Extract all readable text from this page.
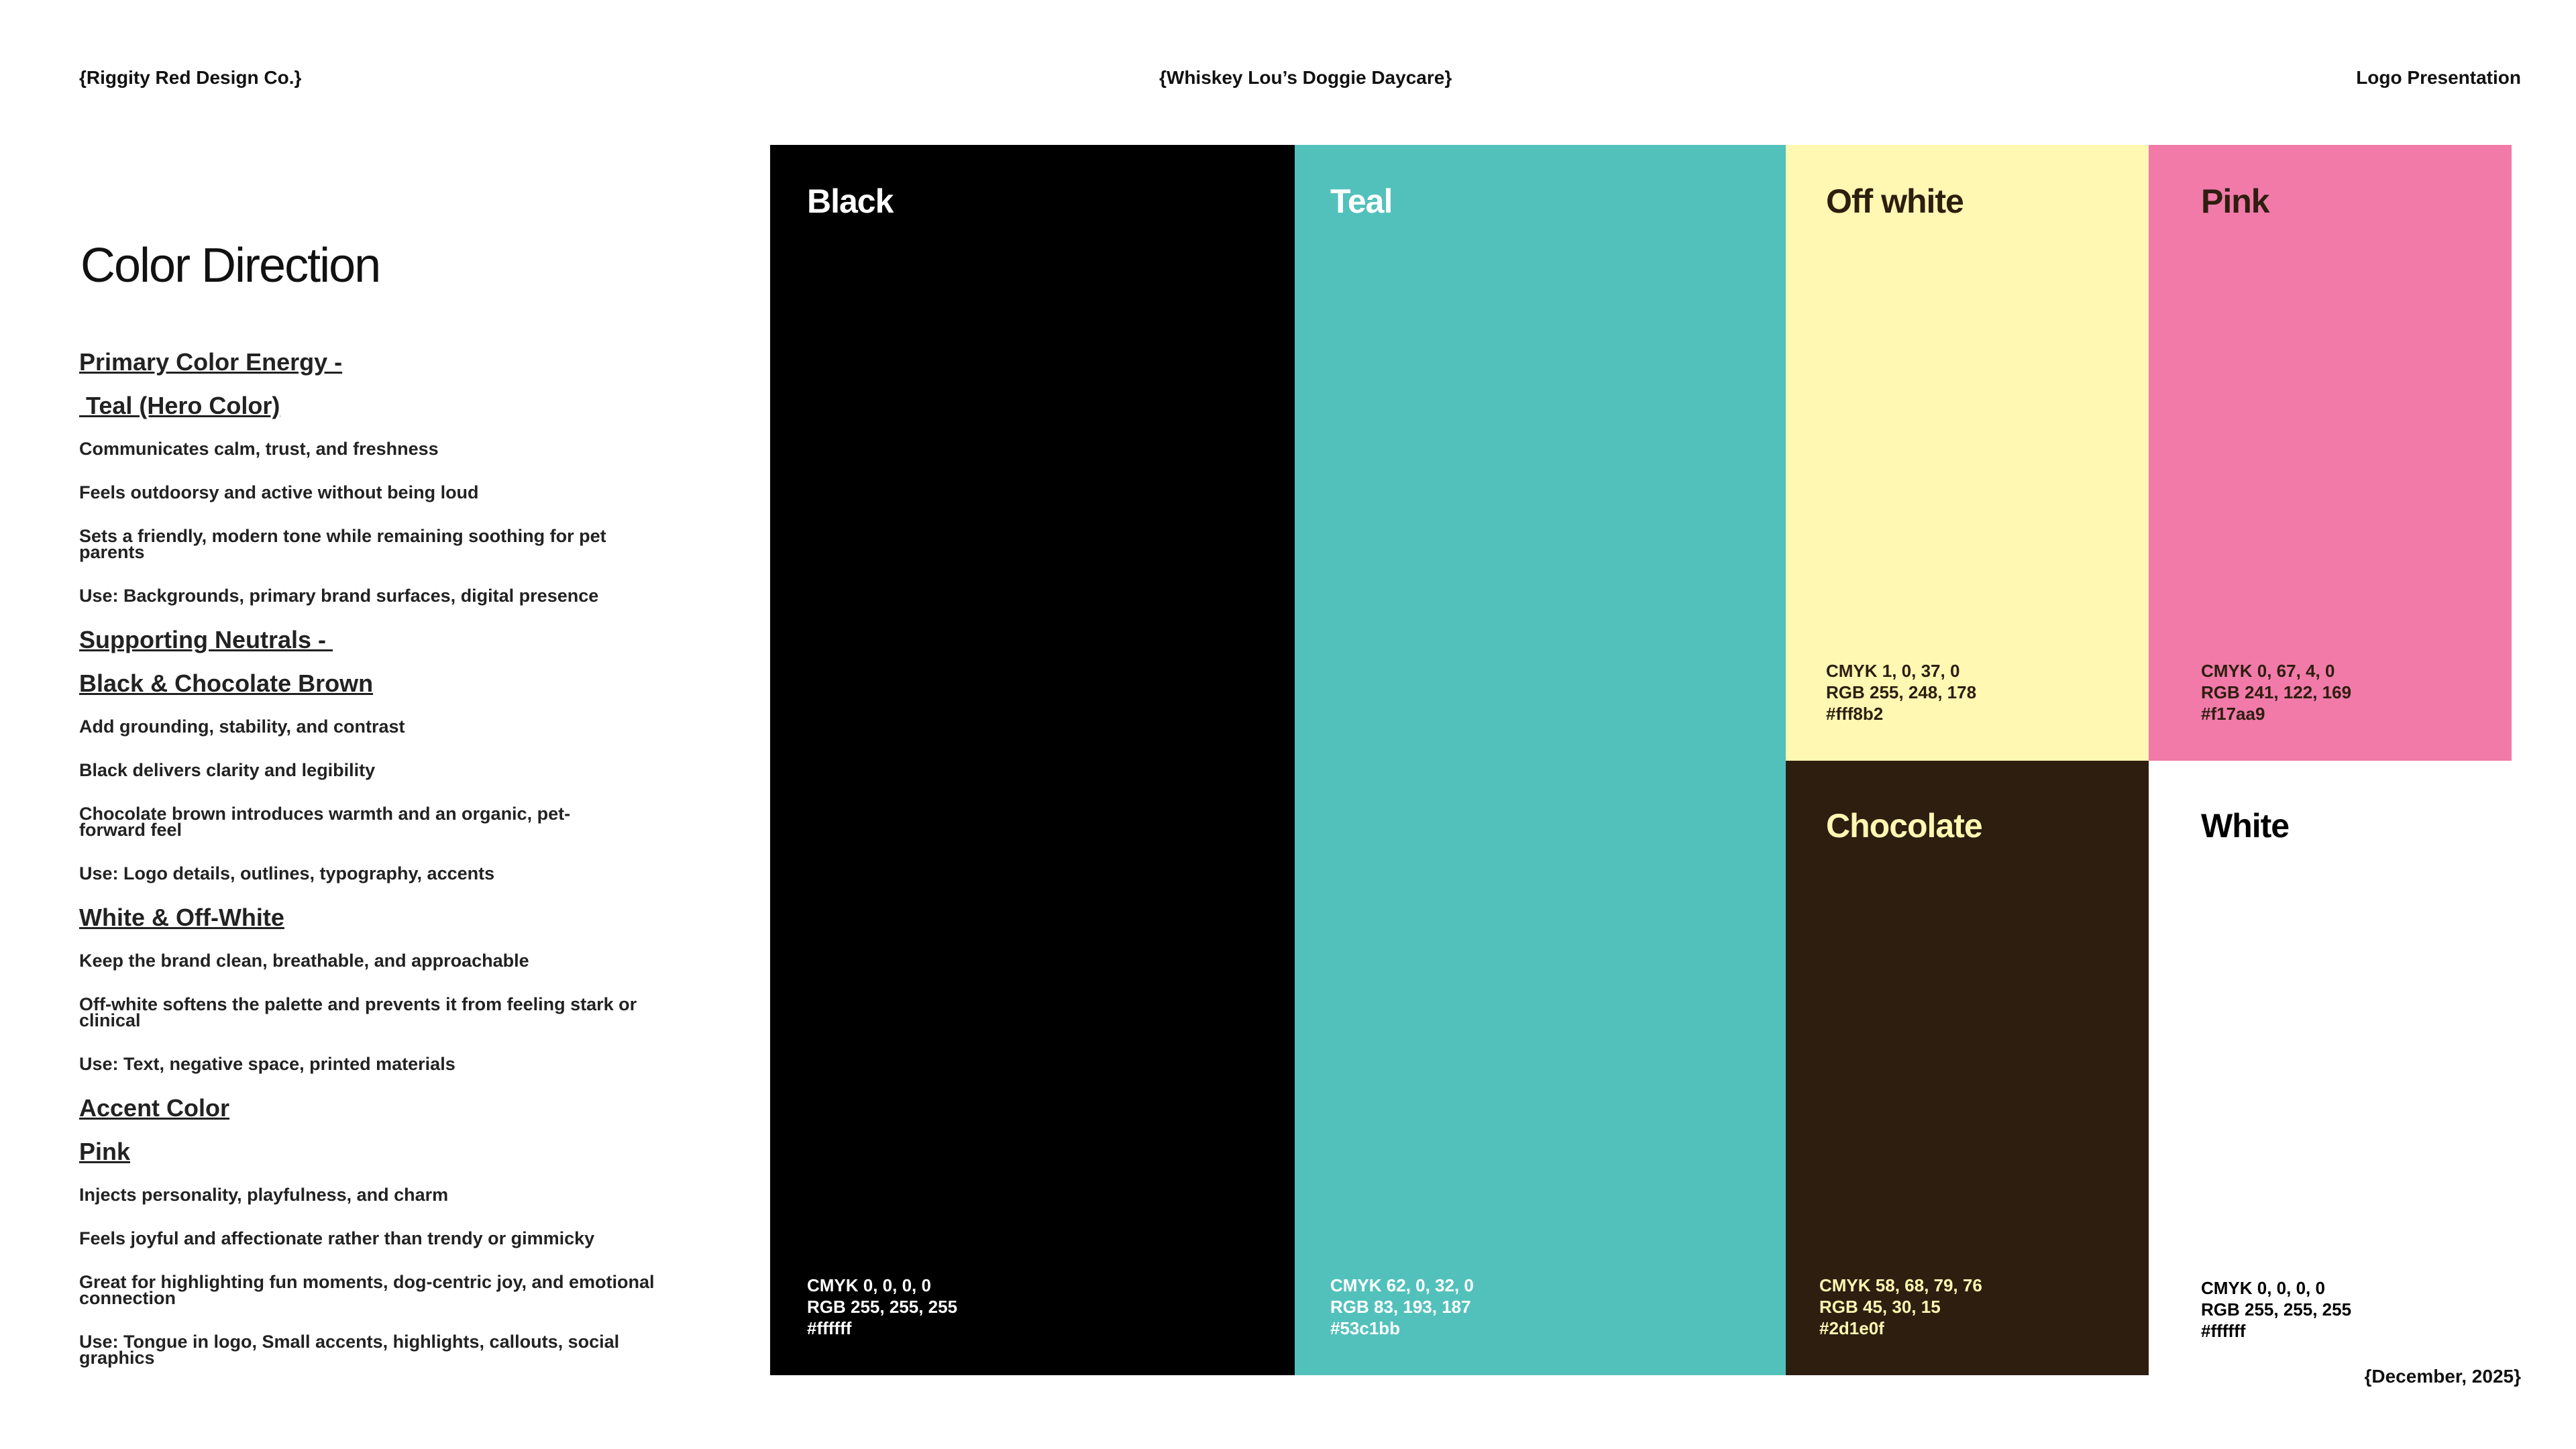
{Riggity Red Design Co.}	{Whiskey Lou’s Doggie Daycare}	Logo Presentation
Color Direction
Primary Color Energy -
Teal (Hero Color)
Communicates calm, trust, and freshness
Feels outdoorsy and active without being loud
Sets a friendly, modern tone while remaining soothing for pet parents
Use: Backgrounds, primary brand surfaces, digital presence
Supporting Neutrals -
Black & Chocolate Brown
Add grounding, stability, and contrast
Black delivers clarity and legibility
Chocolate brown introduces warmth and an organic, pet-forward feel
Use: Logo details, outlines, typography, accents
White & Off-White
Keep the brand clean, breathable, and approachable
Off-white softens the palette and prevents it from feeling stark or clinical
Use: Text, negative space, printed materials
Accent Color
Pink
Injects personality, playfulness, and charm
Feels joyful and affectionate rather than trendy or gimmicky
Great for highlighting fun moments, dog-centric joy, and emotional connection
Use: Tongue in logo, Small accents, highlights, callouts, social graphics
Black
CMYK 0, 0, 0, 0
RGB 255, 255, 255
#ffffff
Teal
CMYK 62, 0, 32, 0
RGB 83, 193, 187
#53c1bb
Off white
CMYK 1, 0, 37, 0
RGB 255, 248, 178
#fff8b2
Pink
CMYK 0, 67, 4, 0
RGB 241, 122, 169
#f17aa9
Chocolate
CMYK 58, 68, 79, 76
RGB 45, 30, 15
#2d1e0f
White
CMYK 0, 0, 0, 0
RGB 255, 255, 255
#ffffff
{December, 2025}
